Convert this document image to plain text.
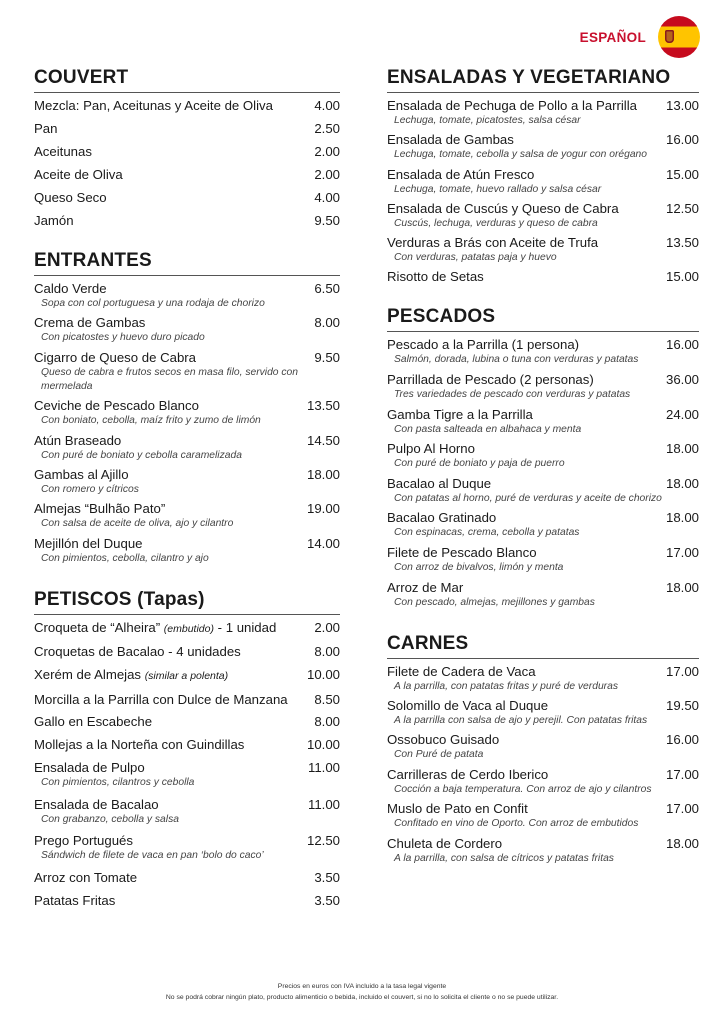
ESPAÑOL
COUVERT
Mezcla: Pan, Aceitunas y Aceite de Oliva	4.00
Pan	2.50
Aceitunas	2.00
Aceite de Oliva	2.00
Queso Seco	4.00
Jamón	9.50
ENTRANTES
Caldo Verde	6.50
Sopa con col portuguesa y una rodaja de chorizo
Crema de Gambas	8.00
Con picatostes y huevo duro picado
Cigarro de Queso de Cabra	9.50
Queso de cabra e frutos secos en masa filo, servido con mermelada
Ceviche de Pescado Blanco	13.50
Con boniato, cebolla, maíz frito y zumo de limón
Atún Braseado	14.50
Con puré de boniato y cebolla caramelizada
Gambas al Ajillo	18.00
Con romero y cítricos
Almejas “Bulhão Pato”	19.00
Con salsa de aceite de oliva, ajo y cilantro
Mejillón del Duque	14.00
Con pimientos, cebolla, cilantro y ajo
PETISCOS (Tapas)
Croqueta de “Alheira” (embutido) - 1 unidad	2.00
Croquetas de Bacalao - 4 unidades	8.00
Xerém de Almejas (similar a polenta)	10.00
Morcilla a la Parrilla con Dulce de Manzana 8.50
Gallo en Escabeche	8.00
Mollejas a la Norteña con Guindillas	10.00
Ensalada de Pulpo	11.00
Con pimientos, cilantros y cebolla
Ensalada de Bacalao	11.00
Con grabanzo, cebolla y salsa
Prego Portugués	12.50
Sándwich de filete de vaca en pan ‘bolo do caco’
Arroz con Tomate	3.50
Patatas Fritas	3.50
ENSALADAS Y VEGETARIANO
Ensalada de Pechuga de Pollo a la Parrilla 13.00
Lechuga, tomate, picatostes, salsa césar
Ensalada de Gambas	16.00
Lechuga, tomate, cebolla y salsa de yogur con orégano
Ensalada de Atún Fresco	15.00
Lechuga, tomate, huevo rallado y salsa césar
Ensalada de Cuscús y Queso de Cabra	12.50
Cuscús, lechuga, verduras y queso de cabra
Verduras a Brás con Aceite de Trufa	13.50
Con verduras, patatas paja y huevo
Risotto de Setas	15.00
PESCADOS
Pescado a la Parrilla (1 persona)	16.00
Salmón, dorada, lubina o tuna con verduras y patatas
Parrillada de Pescado (2 personas)	36.00
Tres variedades de pescado con verduras y patatas
Gamba Tigre a la Parrilla	24.00
Con pasta salteada en albahaca y menta
Pulpo Al Horno	18.00
Con puré de boniato y paja de puerro
Bacalao al Duque	18.00
Con patatas al horno, puré de verduras y aceite de chorizo
Bacalao Gratinado	18.00
Con espinacas, crema, cebolla y patatas
Filete de Pescado Blanco	17.00
Con arroz de bivalvos, limón y menta
Arroz de Mar	18.00
Con pescado, almejas, mejillones y gambas
CARNES
Filete de Cadera de Vaca	17.00
A la parrilla, con patatas fritas y puré de verduras
Solomillo de Vaca al Duque	19.50
A la parrilla con salsa de ajo y perejil. Con patatas fritas
Ossobuco Guisado	16.00
Con Puré de patata
Carrilleras de Cerdo Iberico	17.00
Cocción a baja temperatura. Con arroz de ajo y cilantros
Muslo de Pato en Confit	17.00
Confitado en vino de Oporto. Con arroz de embutidos
Chuleta de Cordero	18.00
A la parrilla, con salsa de cítricos y patatas fritas
Precios en euros con IVA incluido a la tasa legal vigente
No se podrá cobrar ningún plato, producto alimenticio o bebida, incluido el couvert, si no lo solicita el cliente o no se puede utilizar.
